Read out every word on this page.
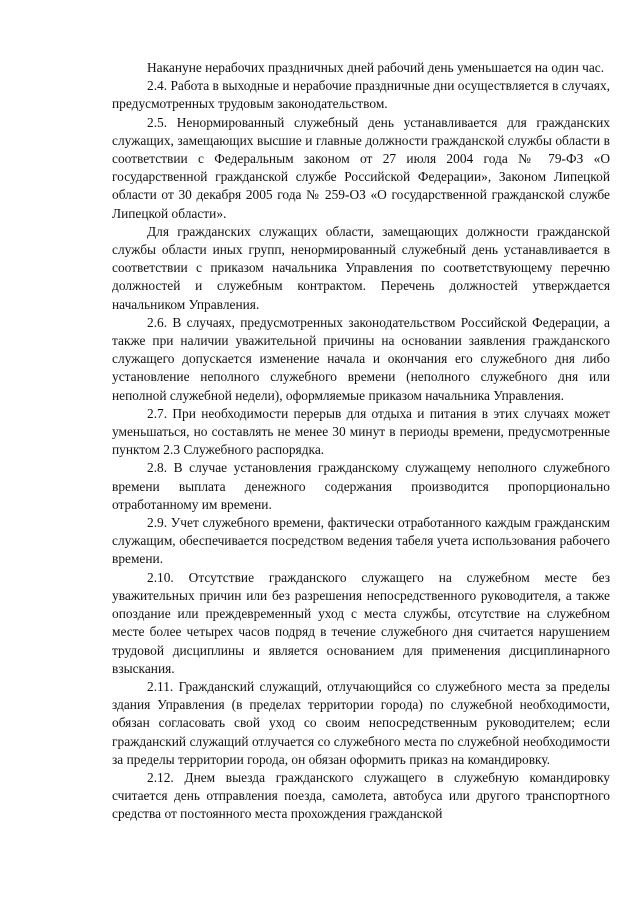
Накануне нерабочих праздничных дней рабочий день уменьшается на один час.

2.4. Работа в выходные и нерабочие праздничные дни осуществляется в случаях, предусмотренных трудовым законодательством.

2.5. Ненормированный служебный день устанавливается для гражданских служащих, замещающих высшие и главные должности гражданской службы области в соответствии с Федеральным законом от 27 июля 2004 года № 79-ФЗ «О государственной гражданской службе Российской Федерации», Законом Липецкой области от 30 декабря 2005 года № 259-ОЗ «О государственной гражданской службе Липецкой области».

Для гражданских служащих области, замещающих должности гражданской службы области иных групп, ненормированный служебный день устанавливается в соответствии с приказом начальника Управления по соответствующему перечню должностей и служебным контрактом. Перечень должностей утверждается начальником Управления.

2.6. В случаях, предусмотренных законодательством Российской Федерации, а также при наличии уважительной причины на основании заявления гражданского служащего допускается изменение начала и окончания его служебного дня либо установление неполного служебного времени (неполного служебного дня или неполной служебной недели), оформляемые приказом начальника Управления.

2.7. При необходимости перерыв для отдыха и питания в этих случаях может уменьшаться, но составлять не менее 30 минут в периоды времени, предусмотренные пунктом 2.3 Служебного распорядка.

2.8. В случае установления гражданскому служащему неполного служебного времени выплата денежного содержания производится пропорционально отработанному им времени.

2.9. Учет служебного времени, фактически отработанного каждым гражданским служащим, обеспечивается посредством ведения табеля учета использования рабочего времени.

2.10. Отсутствие гражданского служащего на служебном месте без уважительных причин или без разрешения непосредственного руководителя, а также опоздание или преждевременный уход с места службы, отсутствие на служебном месте более четырех часов подряд в течение служебного дня считается нарушением трудовой дисциплины и является основанием для применения дисциплинарного взыскания.

2.11. Гражданский служащий, отлучающийся со служебного места за пределы здания Управления (в пределах территории города) по служебной необходимости, обязан согласовать свой уход со своим непосредственным руководителем; если гражданский служащий отлучается со служебного места по служебной необходимости за пределы территории города, он обязан оформить приказ на командировку.

2.12. Днем выезда гражданского служащего в служебную командировку считается день отправления поезда, самолета, автобуса или другого транспортного средства от постоянного места прохождения гражданской
